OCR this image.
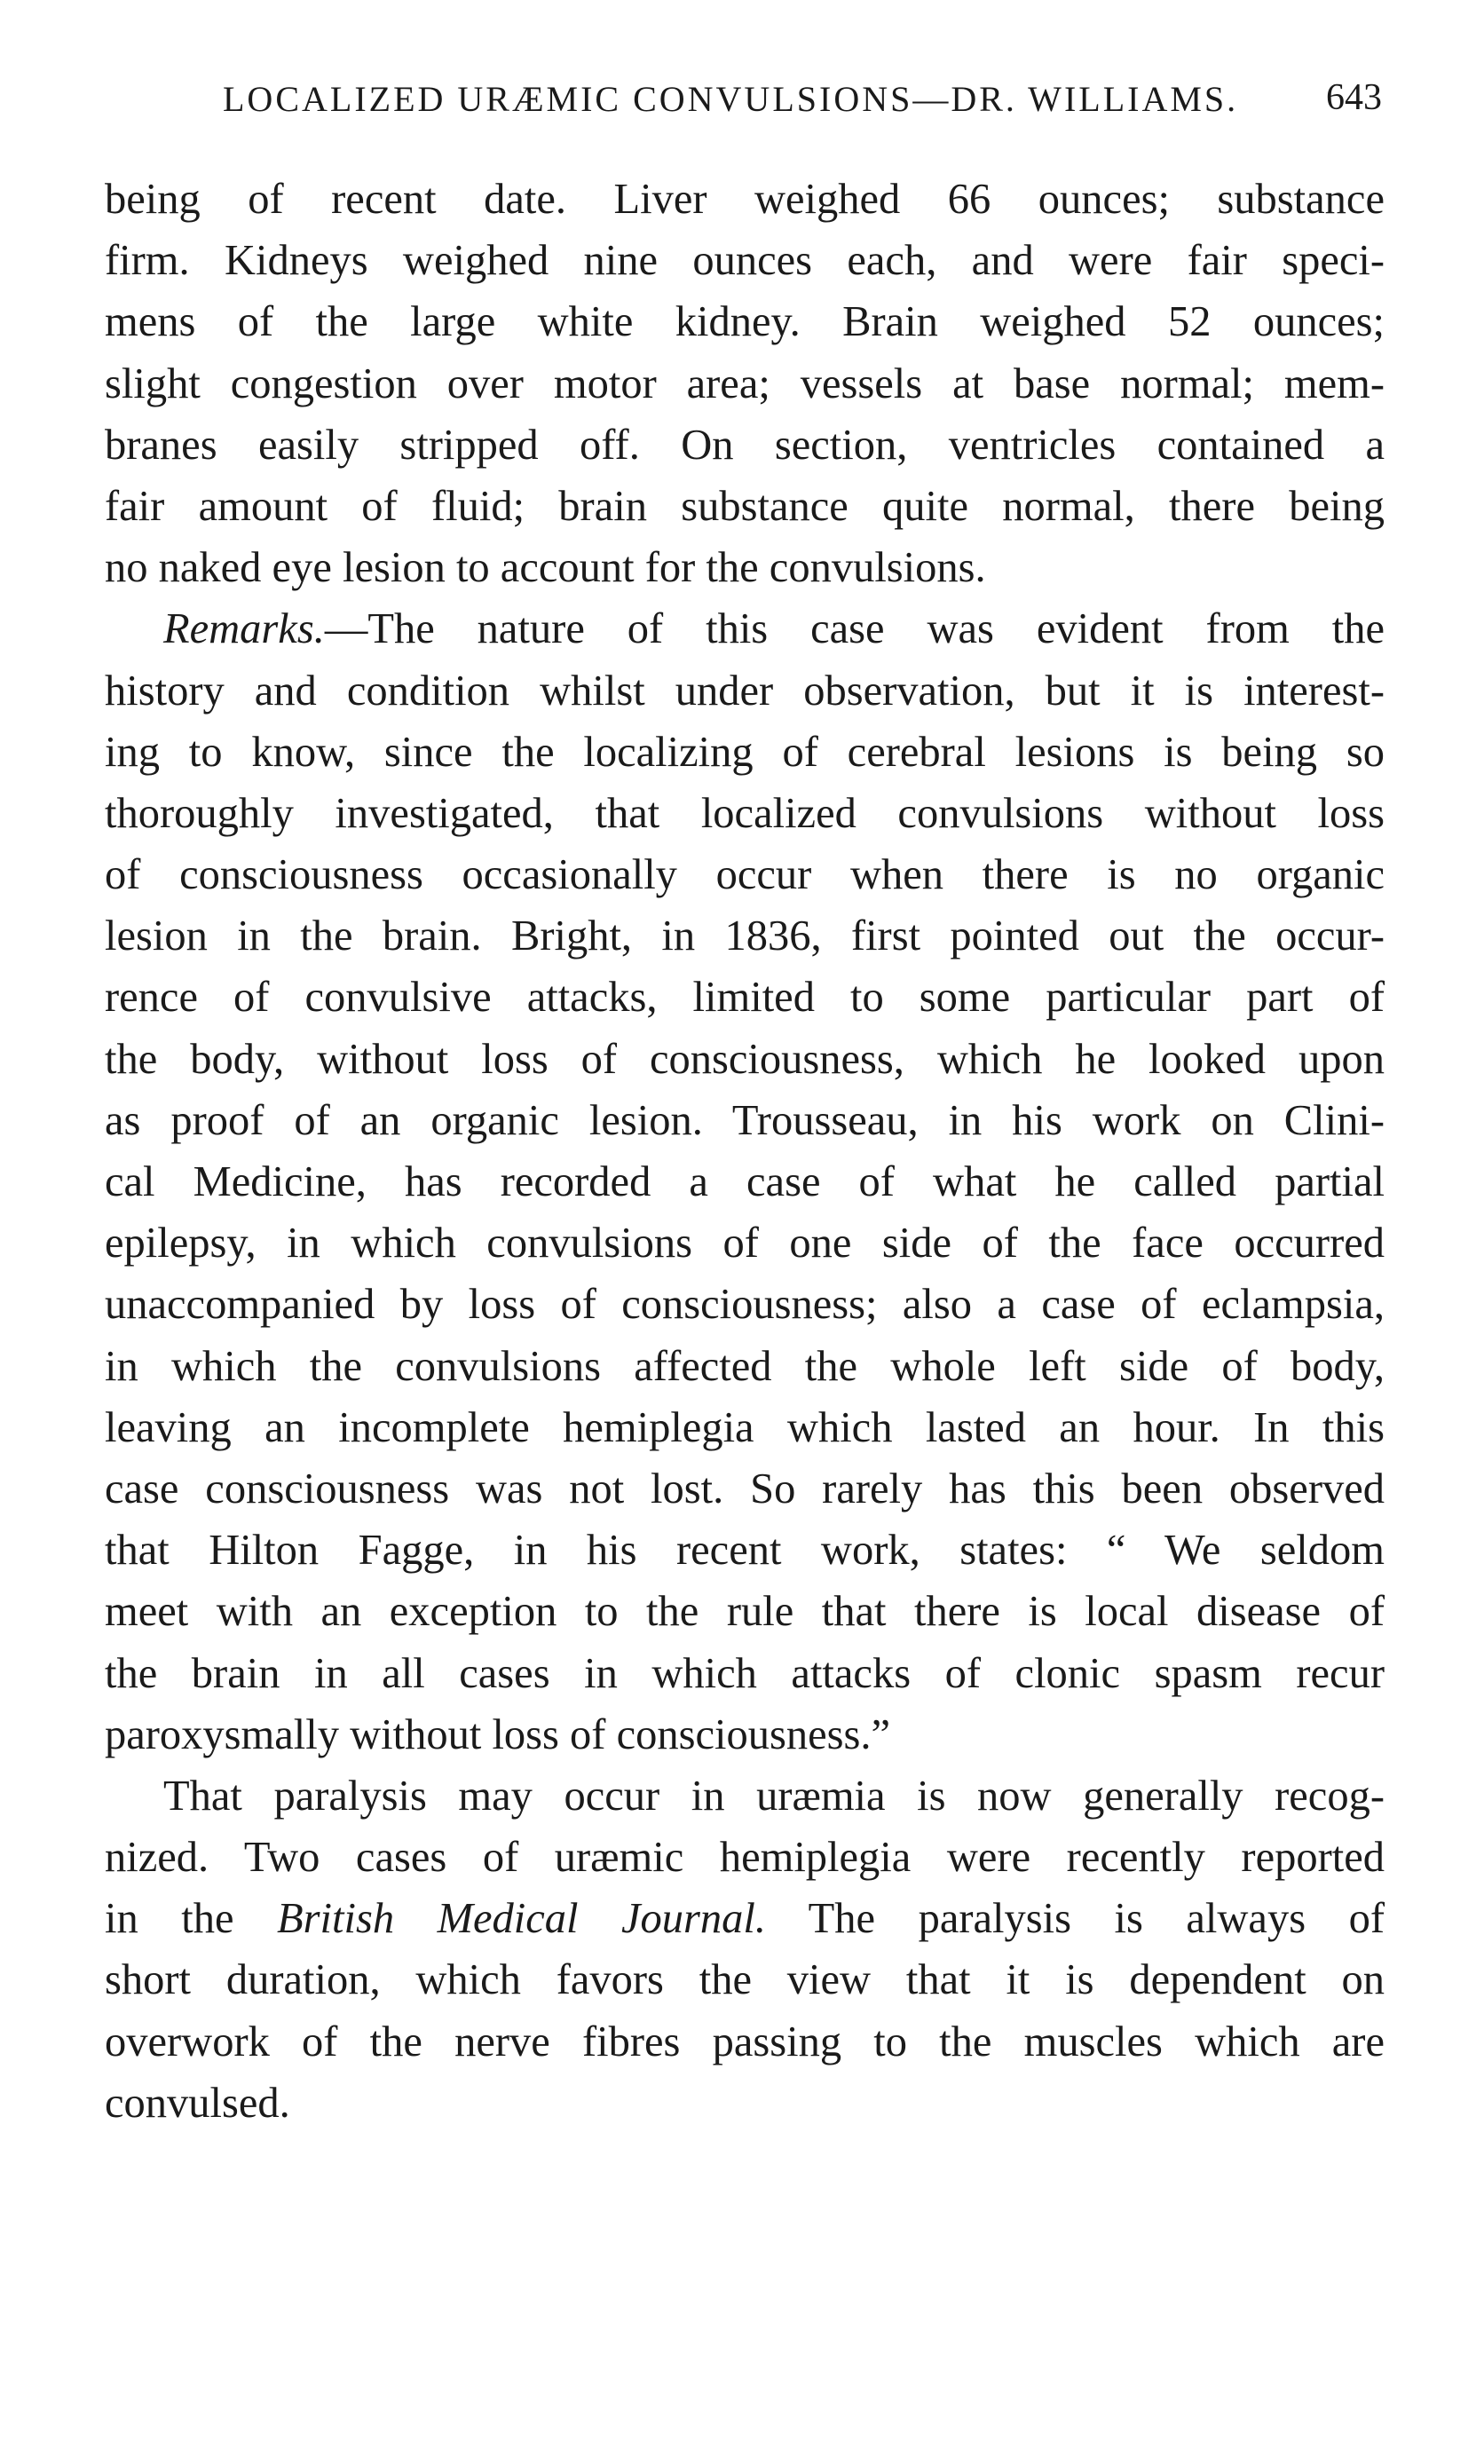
LOCALIZED URÆMIC CONVULSIONS—DR. WILLIAMS. 643
being of recent date. Liver weighed 66 ounces; substance
firm. Kidneys weighed nine ounces each, and were fair speci-
mens of the large white kidney. Brain weighed 52 ounces;
slight congestion over motor area; vessels at base normal; mem-
branes easily stripped off. On section, ventricles contained a
fair amount of fluid; brain substance quite normal, there being
no naked eye lesion to account for the convulsions.
Remarks.—The nature of this case was evident from the
history and condition whilst under observation, but it is interest-
ing to know, since the localizing of cerebral lesions is being so
thoroughly investigated, that localized convulsions without loss
of consciousness occasionally occur when there is no organic
lesion in the brain. Bright, in 1836, first pointed out the occur-
rence of convulsive attacks, limited to some particular part of
the body, without loss of consciousness, which he looked upon
as proof of an organic lesion. Trousseau, in his work on Clini-
cal Medicine, has recorded a case of what he called partial
epilepsy, in which convulsions of one side of the face occurred
unaccompanied by loss of consciousness; also a case of eclampsia,
in which the convulsions affected the whole left side of body,
leaving an incomplete hemiplegia which lasted an hour. In this
case consciousness was not lost. So rarely has this been observed
that Hilton Fagge, in his recent work, states: “ We seldom
meet with an exception to the rule that there is local disease of
the brain in all cases in which attacks of clonic spasm recur
paroxysmally without loss of consciousness.”
That paralysis may occur in uræmia is now generally recog-
nized. Two cases of uræmic hemiplegia were recently reported
in the British Medical Journal. The paralysis is always of
short duration, which favors the view that it is dependent on
overwork of the nerve fibres passing to the muscles which are
convulsed.
